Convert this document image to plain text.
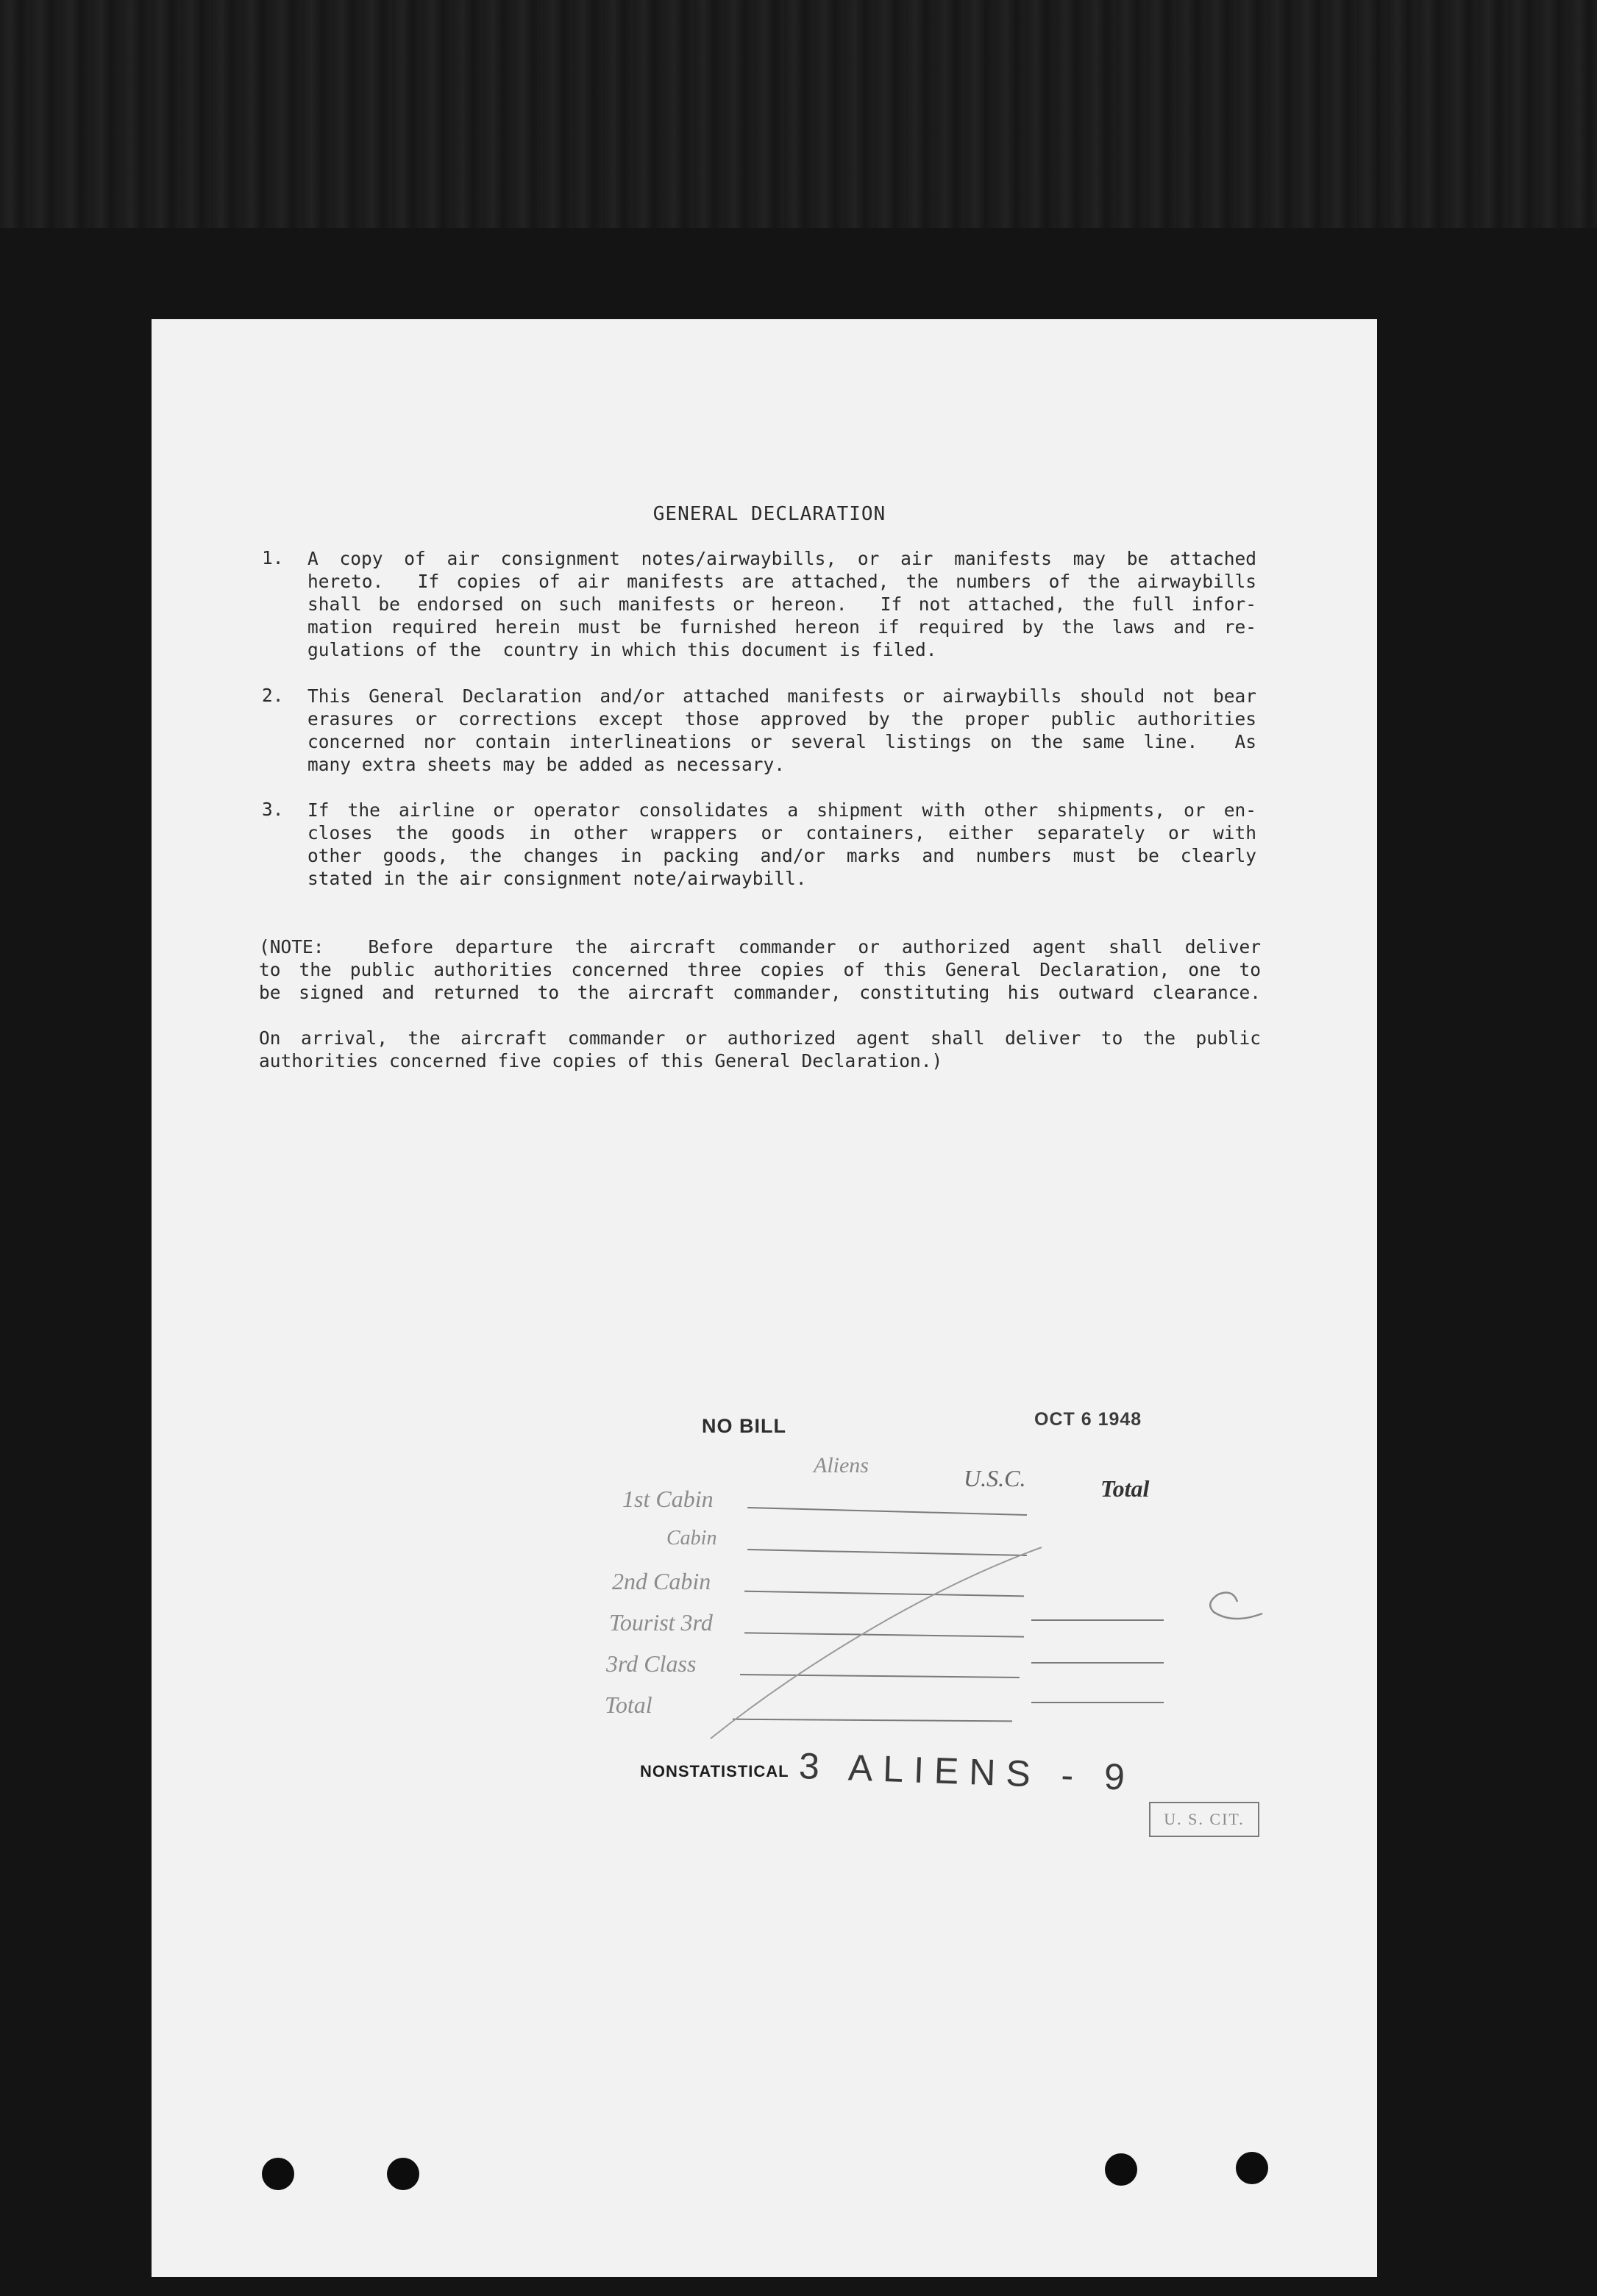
GENERAL DECLARATION
1.	A copy of air consignment notes/airwaybills, or air manifests may be attached
hereto.  If copies of air manifests are attached, the numbers of the airwaybills
shall be endorsed on such manifests or hereon.  If not attached, the full infor-
mation required herein must be furnished hereon if required by the laws and re-
gulations of the  country in which this document is filed.
2.	This General Declaration and/or attached manifests or airwaybills should not bear
erasures or corrections except those approved by the proper public authorities
concerned nor contain interlineations or several listings on the same line.  As
many extra sheets may be added as necessary.
3.	If the airline or operator consolidates a shipment with other shipments, or en-
closes the goods in other wrappers or containers, either separately or with
other goods, the changes in packing and/or marks and numbers must be clearly
stated in the air consignment note/airwaybill.
(NOTE:  Before departure the aircraft commander or authorized agent shall deliver
to the public authorities concerned three copies of this General Declaration, one to
be signed and returned to the aircraft commander, constituting his outward clearance.
On arrival, the aircraft commander or authorized agent shall deliver to the public
authorities concerned five copies of this General Declaration.)
NO BILL	OCT 6 1948
Aliens	U.S.C.	Total
1st Cabin
Cabin
2nd Cabin
Tourist 3rd
3rd Class
Total
NONSTATISTICAL 3 ALIENS - 9
U. S. CIT.
